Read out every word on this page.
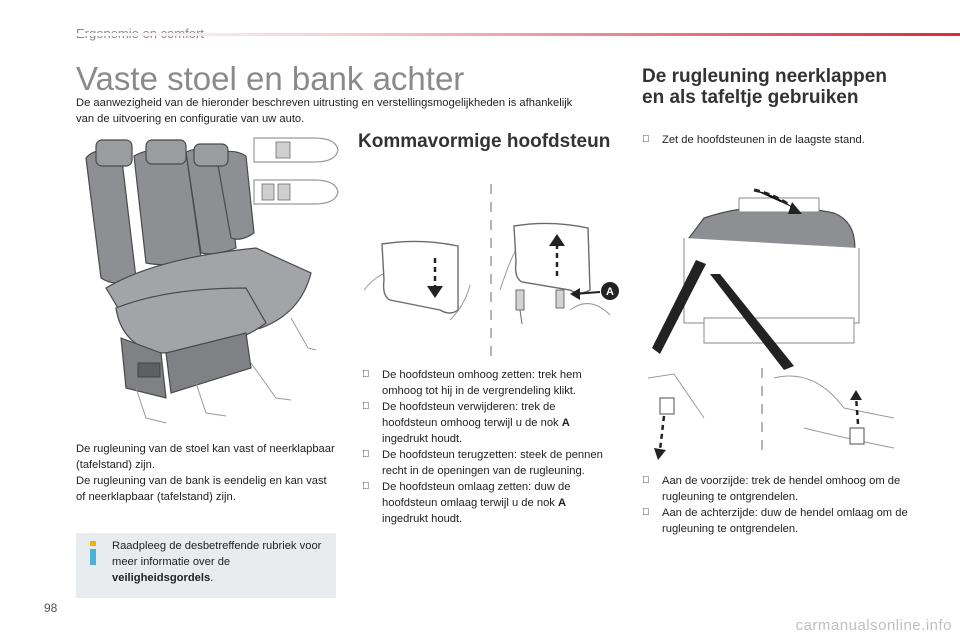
Vaste stoel en bank achter

De aanwezigheid van de hieronder beschreven uitrusting en verstellingsmogelijkheden is afhankelijk van de uitvoering en configuratie van uw auto.

De rugleuning van de stoel kan vast of neerklapbaar (tafelstand) zijn.

De rugleuning van de bank is eendelig en kan vast of neerklapbaar (tafelstand) zijn.

Raadpleeg de desbetreffende rubriek voor meer informatie over de veiligheidsgordels.
Kommavormige hoofdsteun
A

De hoofdsteun omhoog zetten: trek hem omhoog tot hij in de vergrendeling klikt.

De hoofdsteun verwijderen: trek de hoofdsteun omhoog terwijl u de nok A ingedrukt houdt.

De hoofdsteun terugzetten: steek de pennen recht in de openingen van de rugleuning.

De hoofdsteun omlaag zetten: duw de hoofdsteun omlaag terwijl u de nok A ingedrukt houdt.

De rugleuning neerklappen
en als tafeltje gebruiken

Zet de hoofdsteunen in de laagste stand.

Aan de voorzijde: trek de hendel omhoog om de rugleuning te ontgrendelen.

Aan de achterzijde: duw de hendel omlaag om de rugleuning te ontgrendelen.

98
carmanualsonline.info
